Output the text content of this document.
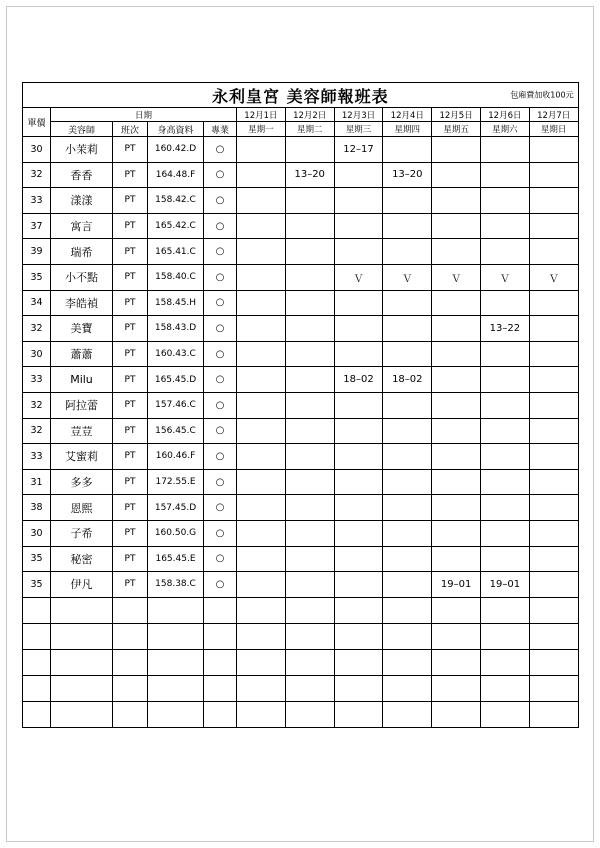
永利皇宮 美容師報班表 包廂費加收100元											

單價	日期				12月1日	12月2日	12月3日	12月4日	12月5日	12月6日	12月7日
	美容師	班次	身高資料	專業	星期一	星期二	星期三	星期四	星期五	星期六	星期日
30	小茉莉	PT	160.42.D	○			12–17				
32	香香	PT	164.48.F	○		13–20		13–20			
33	漾漾	PT	158.42.C	○							
37	寓言	PT	165.42.C	○							
39	瑞希	PT	165.41.C	○							
35	小不點	PT	158.40.C	○			Ｖ	Ｖ	Ｖ	Ｖ	Ｖ
34	李皓禎	PT	158.45.H	○							
32	美寶	PT	158.43.D	○						13–22	
30	蕭蕭	PT	160.43.C	○							
33	Milu	PT	165.45.D	○			18–02	18–02			
32	阿拉蕾	PT	157.46.C	○							
32	荳荳	PT	156.45.C	○							
33	艾蜜莉	PT	160.46.F	○							
31	多多	PT	172.55.E	○							
38	恩熙	PT	157.45.D	○							
30	子希	PT	160.50.G	○							
35	秘密	PT	165.45.E	○							
35	伊凡	PT	158.38.C	○					19–01	19–01	
